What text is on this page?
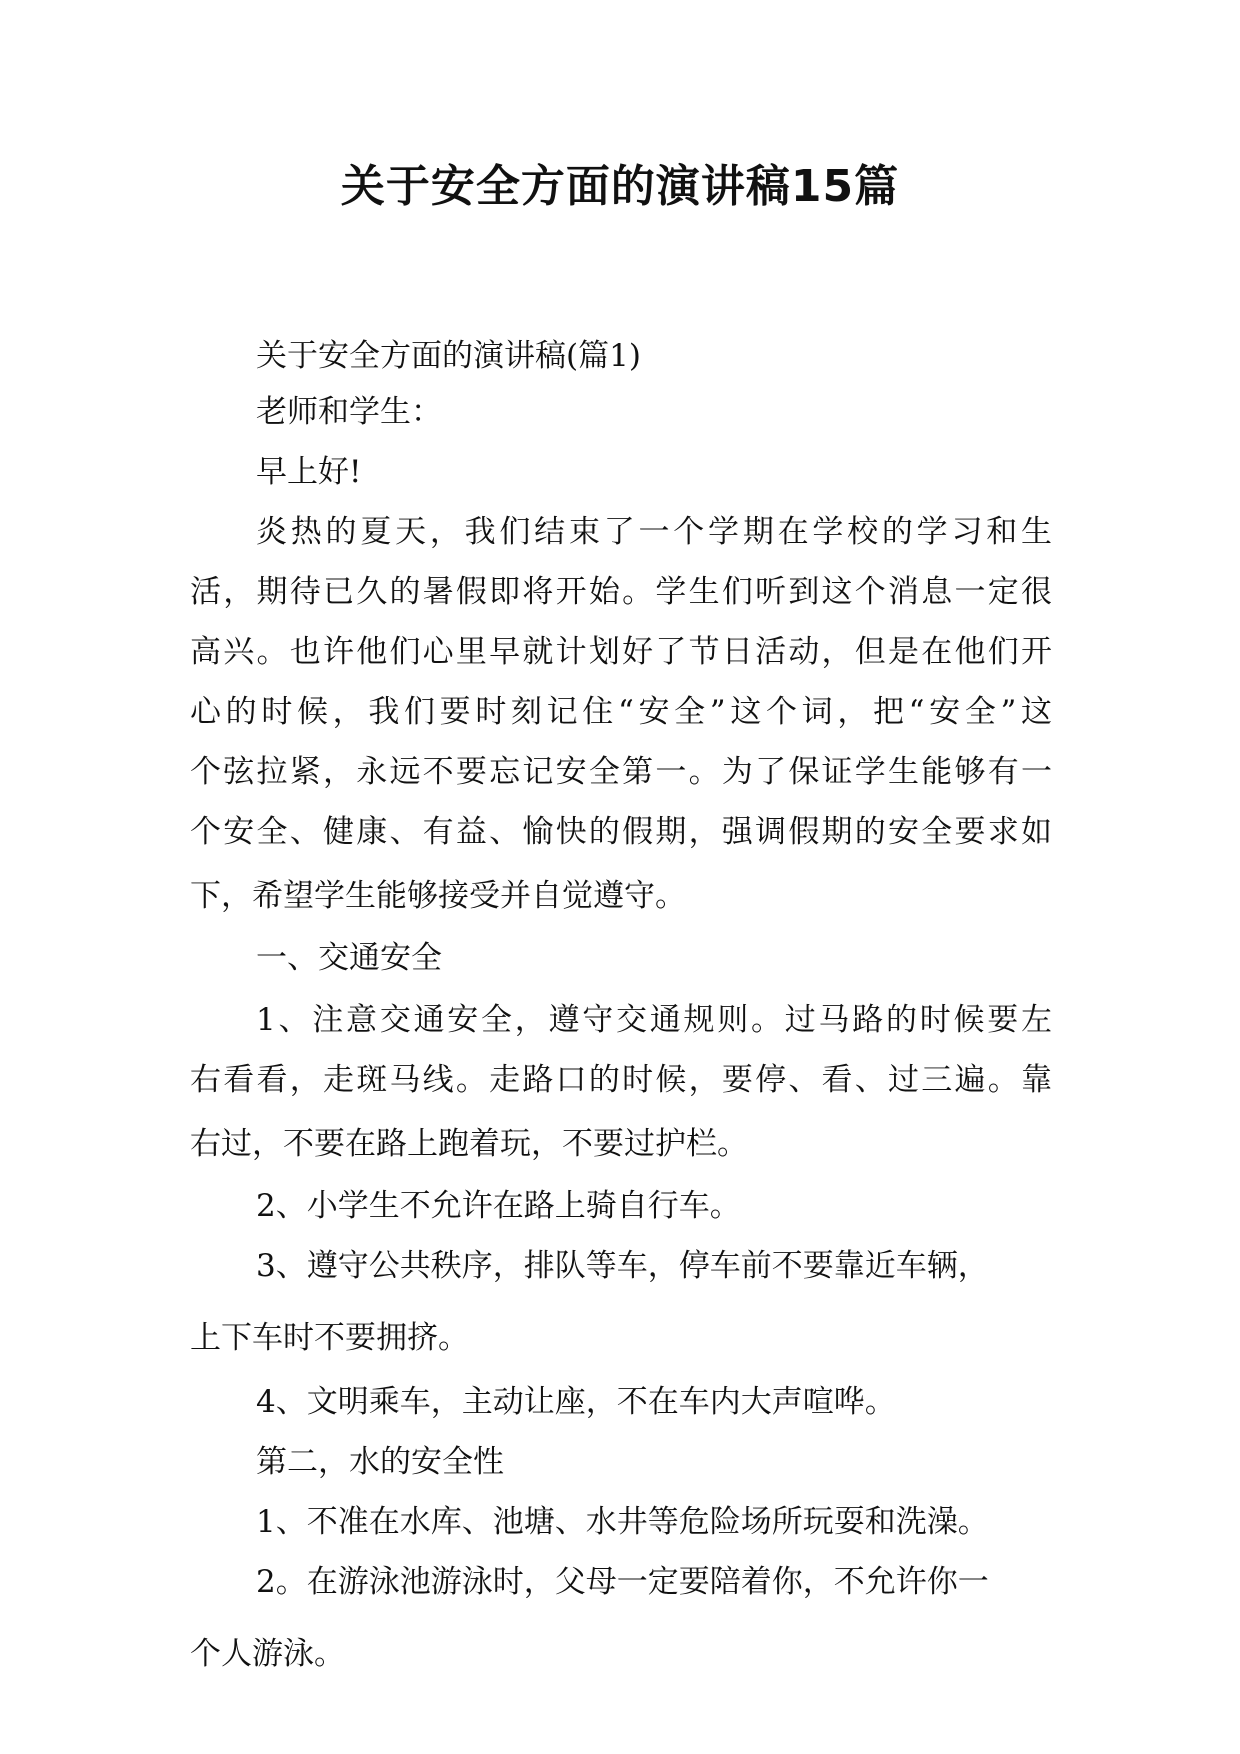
关于安全方面的演讲稿15篇
关于安全方面的演讲稿(篇1)
老师和学生：
早上好!
炎热的夏天，我们结束了一个学期在学校的学习和生
活，期待已久的暑假即将开始。学生们听到这个消息一定很
高兴。也许他们心里早就计划好了节日活动，但是在他们开
心的时候，我们要时刻记住“安全”这个词，把“安全”这
个弦拉紧，永远不要忘记安全第一。为了保证学生能够有一
个安全、健康、有益、愉快的假期，强调假期的安全要求如
下，希望学生能够接受并自觉遵守。
一、交通安全
1、注意交通安全，遵守交通规则。过马路的时候要左
右看看，走斑马线。走路口的时候，要停、看、过三遍。靠
右过，不要在路上跑着玩，不要过护栏。
2、小学生不允许在路上骑自行车。
3、遵守公共秩序，排队等车，停车前不要靠近车辆，
上下车时不要拥挤。
4、文明乘车，主动让座，不在车内大声喧哗。
第二，水的安全性
1、不准在水库、池塘、水井等危险场所玩耍和洗澡。
2。在游泳池游泳时，父母一定要陪着你，不允许你一
个人游泳。
